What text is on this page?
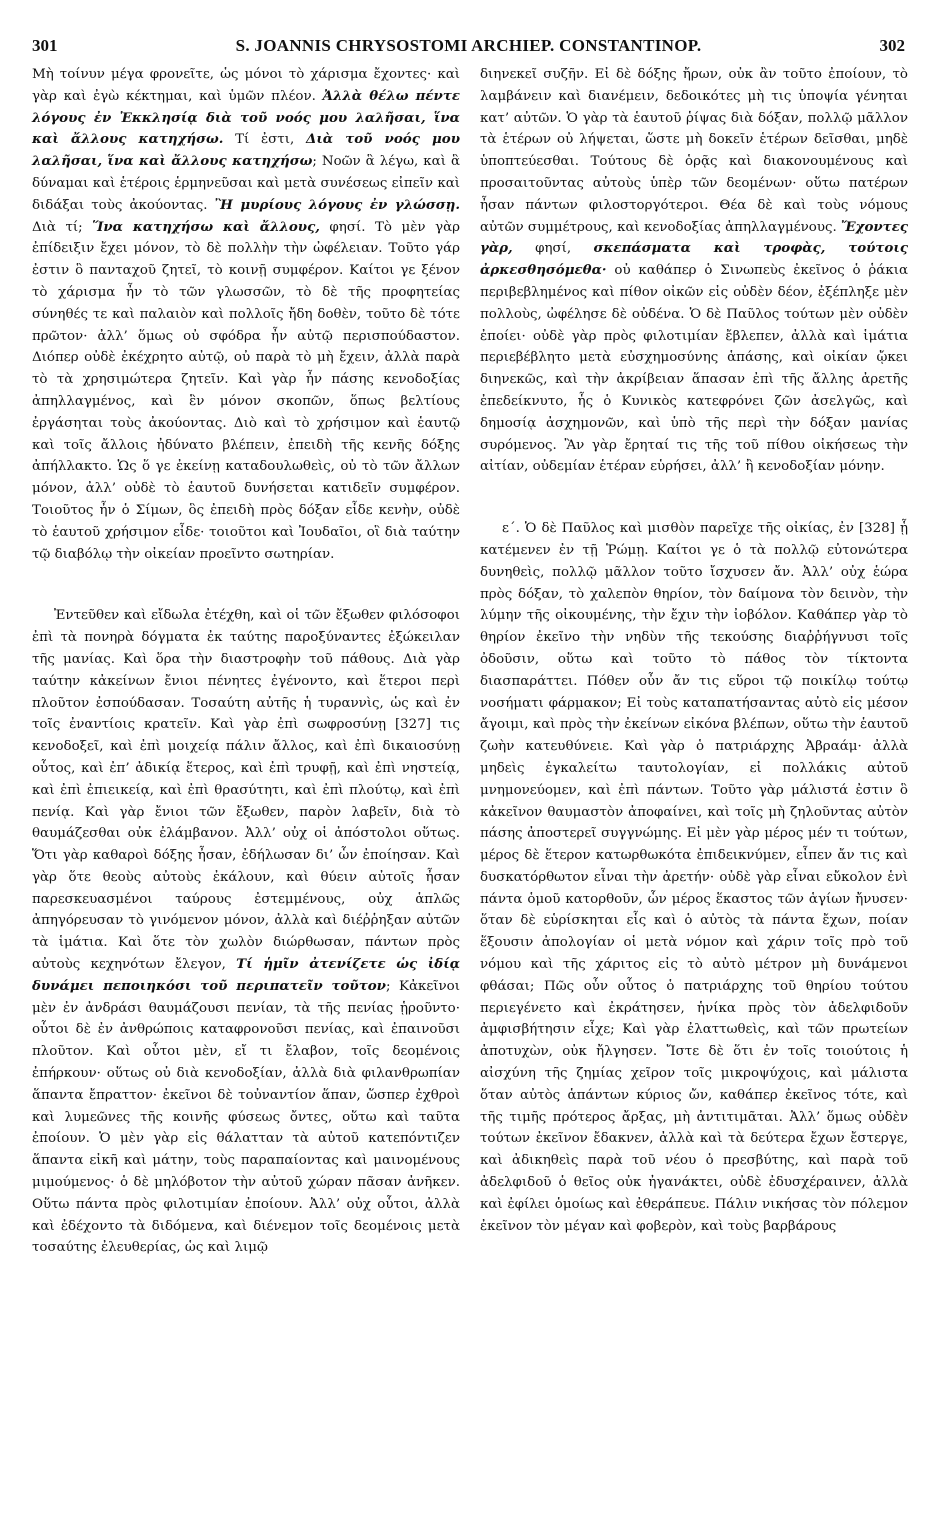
301	S. JOANNIS CHRYSOSTOMI ARCHIEP. CONSTANTINOP.	302

Μὴ τοίνυν μέγα φρονεῖτε, ὡς μόνοι τὸ χάρισμα ἔχοντες· καὶ γὰρ καὶ ἐγὼ κέκτημαι, καὶ ὑμῶν πλέον. Ἀλλὰ θέλω πέντε λόγους ἐν Ἐκκλησίᾳ διὰ τοῦ νοός μου λαλῆσαι, ἵνα καὶ ἄλλους κατηχήσω. Τί ἐστι, Διὰ τοῦ νοός μου λαλῆσαι, ἵνα καὶ ἄλλους κατηχήσω; Νοῶν ἃ λέγω, καὶ ἃ δύναμαι καὶ ἑτέροις ἑρμηνεῦσαι καὶ μετὰ συνέσεως εἰπεῖν καὶ διδάξαι τοὺς ἀκούοντας. Ἢ μυρίους λόγους ἐν γλώσσῃ. Διὰ τί; Ἵνα κατηχήσω καὶ ἄλλους, φησί. Τὸ μὲν γὰρ ἐπίδειξιν ἔχει μόνον, τὸ δὲ πολλὴν τὴν ὠφέλειαν. Τοῦτο γάρ ἐστιν ὃ πανταχοῦ ζητεῖ, τὸ κοινῇ συμφέρον. Καίτοι γε ξένον τὸ χάρισμα ἦν τὸ τῶν γλωσσῶν, τὸ δὲ τῆς προφητείας σύνηθές τε καὶ παλαιὸν καὶ πολλοῖς ἤδη δοθὲν, τοῦτο δὲ τότε πρῶτον· ἀλλ’ ὅμως οὐ σφόδρα ἦν αὐτῷ περισπούδαστον. Διόπερ οὐδὲ ἐκέχρητο αὐτῷ, οὐ παρὰ τὸ μὴ ἔχειν, ἀλλὰ παρὰ τὸ τὰ χρησιμώτερα ζητεῖν. Καὶ γὰρ ἦν πάσης κενοδοξίας ἀπηλλαγμένος, καὶ ἓν μόνον σκοπῶν, ὅπως βελτίους ἐργάσηται τοὺς ἀκούοντας. Διὸ καὶ τὸ χρήσιμον καὶ ἑαυτῷ καὶ τοῖς ἄλλοις ἠδύνατο βλέπειν, ἐπειδὴ τῆς κενῆς δόξης ἀπήλλακτο. Ὡς ὅ γε ἐκείνῃ καταδουλωθεὶς, οὐ τὸ τῶν ἄλλων μόνον, ἀλλ’ οὐδὲ τὸ ἑαυτοῦ δυνήσεται κατιδεῖν συμφέρον. Τοιοῦτος ἦν ὁ Σίμων, ὃς ἐπειδὴ πρὸς δόξαν εἶδε κενὴν, οὐδὲ τὸ ἑαυτοῦ χρήσιμον εἶδε· τοιοῦτοι καὶ Ἰουδαῖοι, οἳ διὰ ταύτην τῷ διαβόλῳ τὴν οἰκείαν προεῖντο σωτηρίαν.

Ἐντεῦθεν καὶ εἴδωλα ἐτέχθη, καὶ οἱ τῶν ἔξωθεν φιλόσοφοι ἐπὶ τὰ πονηρὰ δόγματα ἐκ ταύτης παροξύναντες ἐξώκειλαν τῆς μανίας. Καὶ ὅρα τὴν διαστροφὴν τοῦ πάθους. Διὰ γὰρ ταύτην κἀκείνων ἔνιοι πένητες ἐγένοντο, καὶ ἕτεροι περὶ πλοῦτον ἐσπούδασαν. Τοσαύτη αὐτῆς ἡ τυραννὶς, ὡς καὶ ἐν τοῖς ἐναντίοις κρατεῖν. Καὶ γὰρ ἐπὶ σωφροσύνῃ [327] τις κενοδοξεῖ, καὶ ἐπὶ μοιχείᾳ πάλιν ἄλλος, καὶ ἐπὶ δικαιοσύνῃ οὗτος, καὶ ἐπ’ ἀδικίᾳ ἕτερος, καὶ ἐπὶ τρυφῇ, καὶ ἐπὶ νηστείᾳ, καὶ ἐπὶ ἐπιεικείᾳ, καὶ ἐπὶ θρασύτητι, καὶ ἐπὶ πλούτῳ, καὶ ἐπὶ πενίᾳ. Καὶ γὰρ ἔνιοι τῶν ἔξωθεν, παρὸν λαβεῖν, διὰ τὸ θαυμάζεσθαι οὐκ ἐλάμβανον. Ἀλλ’ οὐχ οἱ ἀπόστολοι οὕτως. Ὅτι γὰρ καθαροὶ δόξης ἦσαν, ἐδήλωσαν δι’ ὧν ἐποίησαν. Καὶ γὰρ ὅτε θεοὺς αὐτοὺς ἐκάλουν, καὶ θύειν αὐτοῖς ἦσαν παρεσκευασμένοι ταύρους ἐστεμμένους, οὐχ ἁπλῶς ἀπηγόρευσαν τὸ γινόμενον μόνον, ἀλλὰ καὶ διέῤῥηξαν αὐτῶν τὰ ἱμάτια. Καὶ ὅτε τὸν χωλὸν διώρθωσαν, πάντων πρὸς αὐτοὺς κεχηνότων ἔλεγον, Τί ἡμῖν ἀτενίζετε ὡς ἰδίᾳ δυνάμει πεποιηκόσι τοῦ περιπατεῖν τοῦτον; Κἀκεῖνοι μὲν ἐν ἀνδράσι θαυμάζουσι πενίαν, τὰ τῆς πενίας ᾑροῦντο· οὗτοι δὲ ἐν ἀνθρώποις καταφρονοῦσι πενίας, καὶ ἐπαινοῦσι πλοῦτον. Καὶ οὗτοι μὲν, εἴ τι ἔλαβον, τοῖς δεομένοις ἐπήρκουν· οὕτως οὐ διὰ κενοδοξίαν, ἀλλὰ διὰ φιλανθρωπίαν ἅπαντα ἔπραττον· ἐκεῖνοι δὲ τοὐναντίον ἅπαν, ὥσπερ ἐχθροὶ καὶ λυμεῶνες τῆς κοινῆς φύσεως ὄντες, οὕτω καὶ ταῦτα ἐποίουν. Ὁ μὲν γὰρ εἰς θάλατταν τὰ αὐτοῦ κατεπόντιζεν ἅπαντα εἰκῆ καὶ μάτην, τοὺς παραπαίοντας καὶ μαινομένους μιμούμενος· ὁ δὲ μηλόβοτον τὴν αὐτοῦ χώραν πᾶσαν ἀνῆκεν. Οὕτω πάντα πρὸς φιλοτιμίαν ἐποίουν. Ἀλλ’ οὐχ οὗτοι, ἀλλὰ καὶ ἐδέχοντο τὰ διδόμενα, καὶ διένεμον τοῖς δεομένοις μετὰ τοσαύτης ἐλευθερίας, ὡς καὶ λιμῷ

διηνεκεῖ συζῆν. Εἰ δὲ δόξης ἤρων, οὐκ ἂν τοῦτο ἐποίουν, τὸ λαμβάνειν καὶ διανέμειν, δεδοικότες μὴ τις ὑποψία γένηται κατ’ αὐτῶν. Ὁ γὰρ τὰ ἑαυτοῦ ῥίψας διὰ δόξαν, πολλῷ μᾶλλον τὰ ἑτέρων οὐ λήψεται, ὥστε μὴ δοκεῖν ἑτέρων δεῖσθαι, μηδὲ ὑποπτεύεσθαι. Τούτους δὲ ὁρᾷς καὶ διακονουμένους καὶ προσαιτοῦντας αὐτοὺς ὑπὲρ τῶν δεομένων· οὕτω πατέρων ἦσαν πάντων φιλοστοργότεροι. Θέα δὲ καὶ τοὺς νόμους αὐτῶν συμμέτρους, καὶ κενοδοξίας ἀπηλλαγμένους. Ἔχοντες γὰρ, φησί, σκεπάσματα καὶ τροφὰς, τούτοις ἀρκεσθησόμεθα· οὐ καθάπερ ὁ Σινωπεὺς ἐκεῖνος ὁ ῥάκια περιβεβλημένος καὶ πίθον οἰκῶν εἰς οὐδὲν δέον, ἐξέπληξε μὲν πολλοὺς, ὠφέλησε δὲ οὐδένα. Ὁ δὲ Παῦλος τούτων μὲν οὐδὲν ἐποίει· οὐδὲ γὰρ πρὸς φιλοτιμίαν ἔβλεπεν, ἀλλὰ καὶ ἱμάτια περιεβέβλητο μετὰ εὐσχημοσύνης ἁπάσης, καὶ οἰκίαν ᾤκει διηνεκῶς, καὶ τὴν ἀκρίβειαν ἅπασαν ἐπὶ τῆς ἄλλης ἀρετῆς ἐπεδείκνυτο, ἧς ὁ Κυνικὸς κατεφρόνει ζῶν ἀσελγῶς, καὶ δημοσίᾳ ἀσχημονῶν, καὶ ὑπὸ τῆς περὶ τὴν δόξαν μανίας συρόμενος. Ἂν γὰρ ἔρηταί τις τῆς τοῦ πίθου οἰκήσεως τὴν αἰτίαν, οὐδεμίαν ἑτέραν εὑρήσει, ἀλλ’ ἢ κενοδοξίαν μόνην.

ε΄. Ὁ δὲ Παῦλος καὶ μισθὸν παρεῖχε τῆς οἰκίας, ἐν [328] ᾗ κατέμενεν ἐν τῇ Ῥώμῃ. Καίτοι γε ὁ τὰ πολλῷ εὐτονώτερα δυνηθεὶς, πολλῷ μᾶλλον τοῦτο ἴσχυσεν ἄν. Ἀλλ’ οὐχ ἑώρα πρὸς δόξαν, τὸ χαλεπὸν θηρίον, τὸν δαίμονα τὸν δεινὸν, τὴν λύμην τῆς οἰκουμένης, τὴν ἔχιν τὴν ἰοβόλον. Καθάπερ γὰρ τὸ θηρίον ἐκεῖνο τὴν νηδὺν τῆς τεκούσης διαῤῥήγνυσι τοῖς ὀδοῦσιν, οὕτω καὶ τοῦτο τὸ πάθος τὸν τίκτοντα διασπαράττει. Πόθεν οὖν ἄν τις εὕροι τῷ ποικίλῳ τούτῳ νοσήματι φάρμακον; Εἰ τοὺς καταπατήσαντας αὐτὸ εἰς μέσον ἄγοιμι, καὶ πρὸς τὴν ἐκείνων εἰκόνα βλέπων, οὕτω τὴν ἑαυτοῦ ζωὴν κατευθύνειε. Καὶ γὰρ ὁ πατριάρχης Ἀβραάμ· ἀλλὰ μηδεὶς ἐγκαλείτω ταυτολογίαν, εἰ πολλάκις αὐτοῦ μνημονεύομεν, καὶ ἐπὶ πάντων. Τοῦτο γὰρ μάλιστά ἐστιν ὃ κἀκεῖνον θαυμαστὸν ἀποφαίνει, καὶ τοῖς μὴ ζηλοῦντας αὐτὸν πάσης ἀποστερεῖ συγγνώμης. Εἰ μὲν γὰρ μέρος μέν τι τούτων, μέρος δὲ ἕτερον κατωρθωκότα ἐπιδεικνύμεν, εἶπεν ἄν τις καὶ δυσκατόρθωτον εἶναι τὴν ἀρετήν· οὐδὲ γὰρ εἶναι εὔκολον ἑνὶ πάντα ὁμοῦ κατορθοῦν, ὧν μέρος ἕκαστος τῶν ἁγίων ἤνυσεν· ὅταν δὲ εὑρίσκηται εἷς καὶ ὁ αὐτὸς τὰ πάντα ἔχων, ποίαν ἕξουσιν ἀπολογίαν οἱ μετὰ νόμον καὶ χάριν τοῖς πρὸ τοῦ νόμου καὶ τῆς χάριτος εἰς τὸ αὐτὸ μέτρον μὴ δυνάμενοι φθάσαι; Πῶς οὖν οὗτος ὁ πατριάρχης τοῦ θηρίου τούτου περιεγένετο καὶ ἐκράτησεν, ἡνίκα πρὸς τὸν ἀδελφιδοῦν ἀμφισβήτησιν εἶχε; Καὶ γὰρ ἐλαττωθεὶς, καὶ τῶν πρωτείων ἀποτυχὼν, οὐκ ἤλγησεν. Ἴστε δὲ ὅτι ἐν τοῖς τοιούτοις ἡ αἰσχύνη τῆς ζημίας χεῖρον τοῖς μικροψύχοις, καὶ μάλιστα ὅταν αὐτὸς ἁπάντων κύριος ὤν, καθάπερ ἐκεῖνος τότε, καὶ τῆς τιμῆς πρότερος ἄρξας, μὴ ἀντιτιμᾶται. Ἀλλ’ ὅμως οὐδὲν τούτων ἐκεῖνον ἔδακνεν, ἀλλὰ καὶ τὰ δεύτερα ἔχων ἔστεργε, καὶ ἀδικηθεὶς παρὰ τοῦ νέου ὁ πρεσβύτης, καὶ παρὰ τοῦ ἀδελφιδοῦ ὁ θεῖος οὐκ ἠγανάκτει, οὐδὲ ἐδυσχέραινεν, ἀλλὰ καὶ ἐφίλει ὁμοίως καὶ ἐθεράπευε. Πάλιν νικήσας τὸν πόλεμον ἐκεῖνον τὸν μέγαν καὶ φοβερὸν, καὶ τοὺς βαρβάρους
